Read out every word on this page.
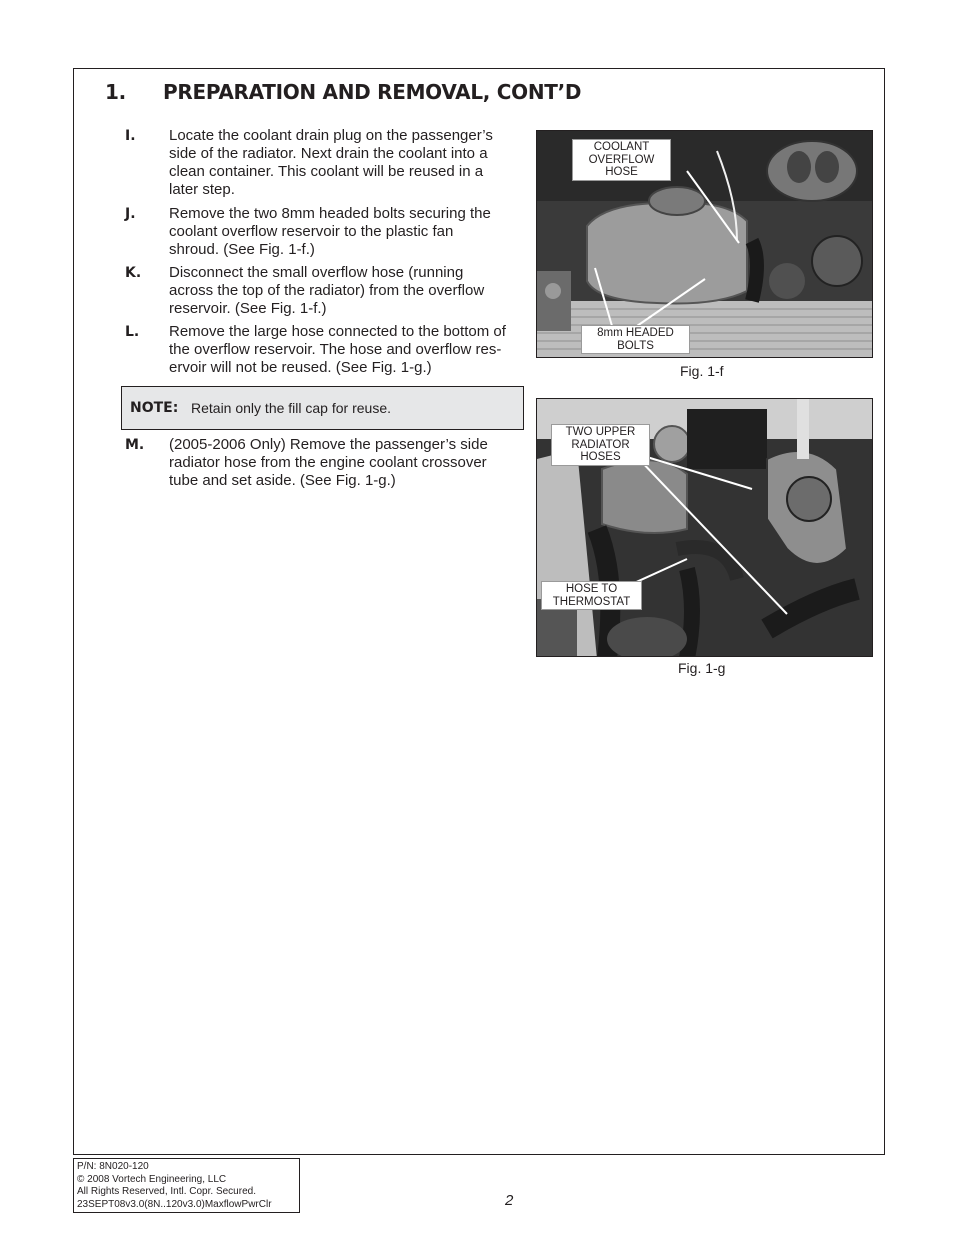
1. PREPARATION AND REMOVAL, CONT’D
I. Locate the coolant drain plug on the passenger’s
side of the radiator. Next drain the coolant into a
clean container. This coolant will be reused in a
later step.
J. Remove the two 8mm headed bolts securing the
coolant overflow reservoir to the plastic fan
shroud. (See Fig. 1-f.)
K. Disconnect the small overflow hose (running
across the top of the radiator) from the overflow
reservoir. (See Fig. 1-f.)
L. Remove the large hose connected to the bottom of
the overflow reservoir. The hose and overflow res-
ervoir will not be reused. (See Fig. 1-g.)
NOTE: Retain only the fill cap for reuse.
M. (2005-2006 Only) Remove the passenger’s side
radiator hose from the engine coolant crossover
tube and set aside. (See Fig. 1-g.)
COOLANT
OVERFLOW
HOSE
8mm HEADED
BOLTS
Fig. 1-f
TWO UPPER
RADIATOR
HOSES
HOSE TO
THERMOSTAT
Fig. 1-g
P/N: 8N020-120
© 2008 Vortech Engineering, LLC
All Rights Reserved, Intl. Copr. Secured.
23SEPT08v3.0(8N..120v3.0)MaxflowPwrClr	2
